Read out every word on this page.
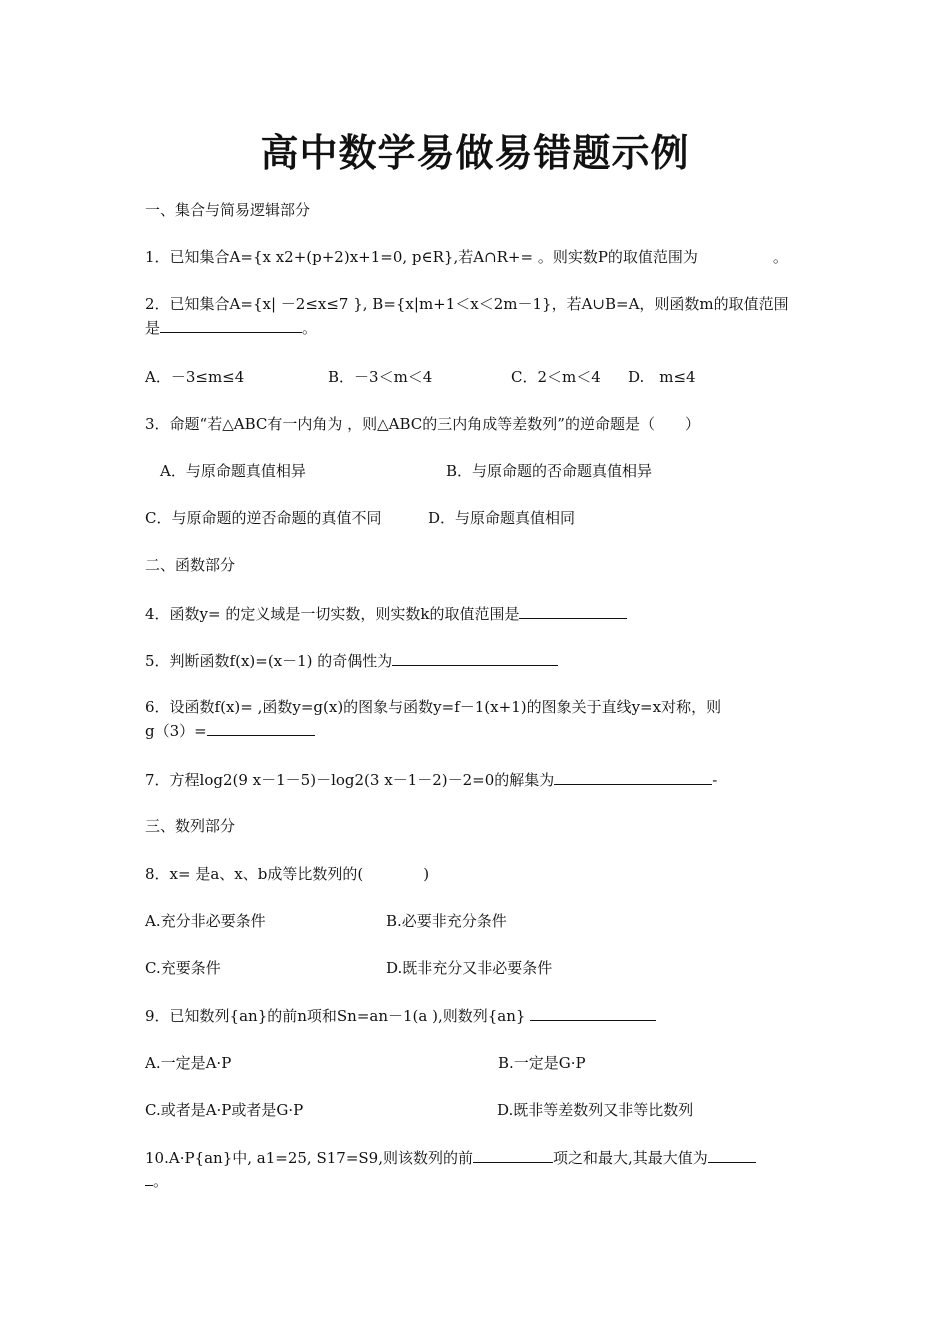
高中数学易做易错题示例
一、集合与简易逻辑部分
1．已知集合A={x x2+(p+2)x+1=0, p∈R},若A∩R+= 。则实数P的取值范围为　　　　　。
2．已知集合A={x| －2≤x≤7 }, B={x|m+1＜x＜2m－1}，若A∪B=A，则函数m的取值范围
是	。
A．－3≤m≤4	B．－3＜m＜4	C．2＜m＜4 D.　m≤4
3．命题“若△ABC有一内角为 ，则△ABC的三内角成等差数列”的逆命题是（　　）
A．与原命题真值相异	B．与原命题的否命题真值相异
C．与原命题的逆否命题的真值不同	D．与原命题真值相同
二、函数部分
4．函数y= 的定义域是一切实数，则实数k的取值范围是
5．判断函数f(x)=(x－1) 的奇偶性为
6．设函数f(x)= ,函数y=g(x)的图象与函数y=f－1(x+1)的图象关于直线y=x对称，则
g（3）=
7．方程log2(9 x－1－5)－log2(3 x－1－2)－2=0的解集为	-
三、数列部分
8．x= 是a、x、b成等比数列的(　　　　)
A.充分非必要条件	B.必要非充分条件
C.充要条件	D.既非充分又非必要条件
9．已知数列{an}的前n项和Sn=an－1(a ),则数列{an}
A.一定是A·P	B.一定是G·P
C.或者是A·P或者是G·P	D.既非等差数列又非等比数列
10.A·P{an}中, a1=25, S17=S9,则该数列的前	项之和最大,其最大值为
。
